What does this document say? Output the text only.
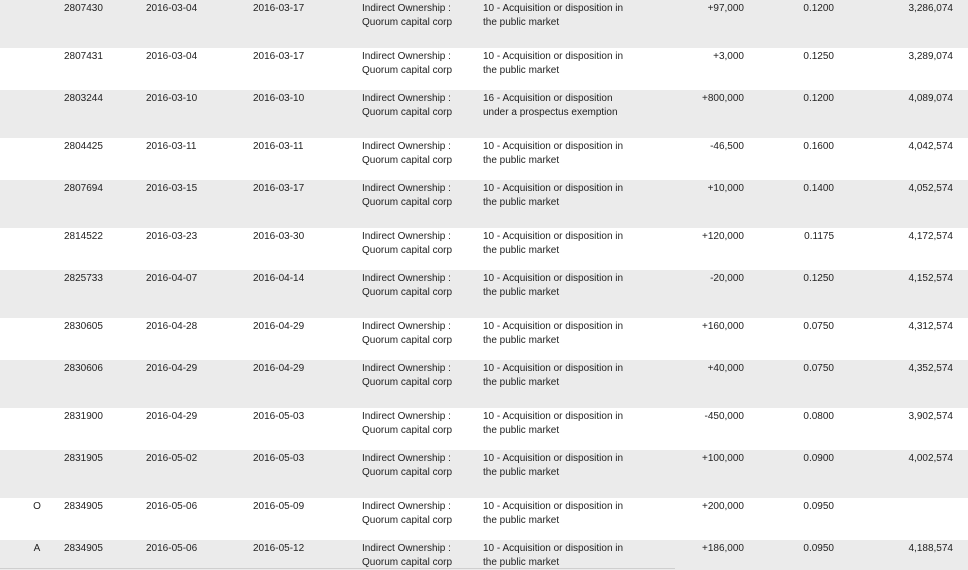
2807430	2016-03-04	2016-03-17	Indirect Ownership :
Quorum capital corp
10 - Acquisition or disposition in
the public market
+97,000	0.1200	3,286,074
2807431	2016-03-04	2016-03-17	Indirect Ownership :
Quorum capital corp
10 - Acquisition or disposition in
the public market
+3,000	0.1250	3,289,074
2803244	2016-03-10	2016-03-10	Indirect Ownership :
Quorum capital corp
16 - Acquisition or disposition
under a prospectus exemption
+800,000	0.1200	4,089,074
2804425	2016-03-11	2016-03-11	Indirect Ownership :
Quorum capital corp
10 - Acquisition or disposition in
the public market
-46,500	0.1600	4,042,574
2807694	2016-03-15	2016-03-17	Indirect Ownership :
Quorum capital corp
10 - Acquisition or disposition in
the public market
+10,000	0.1400	4,052,574
2814522	2016-03-23	2016-03-30	Indirect Ownership :
Quorum capital corp
10 - Acquisition or disposition in
the public market
+120,000	0.1175	4,172,574
2825733	2016-04-07	2016-04-14	Indirect Ownership :
Quorum capital corp
10 - Acquisition or disposition in
the public market
-20,000	0.1250	4,152,574
2830605	2016-04-28	2016-04-29	Indirect Ownership :
Quorum capital corp
10 - Acquisition or disposition in
the public market
+160,000	0.0750	4,312,574
2830606	2016-04-29	2016-04-29	Indirect Ownership :
Quorum capital corp
10 - Acquisition or disposition in
the public market
+40,000	0.0750	4,352,574
2831900	2016-04-29	2016-05-03	Indirect Ownership :
Quorum capital corp
10 - Acquisition or disposition in
the public market
-450,000	0.0800	3,902,574
2831905	2016-05-02	2016-05-03	Indirect Ownership :
Quorum capital corp
10 - Acquisition or disposition in
the public market
+100,000	0.0900	4,002,574
O	2834905	2016-05-06	2016-05-09	Indirect Ownership :
Quorum capital corp
10 - Acquisition or disposition in
the public market
+200,000	0.0950
A	2834905	2016-05-06	2016-05-12	Indirect Ownership :
Quorum capital corp
10 - Acquisition or disposition in
the public market
+186,000	0.0950	4,188,574
